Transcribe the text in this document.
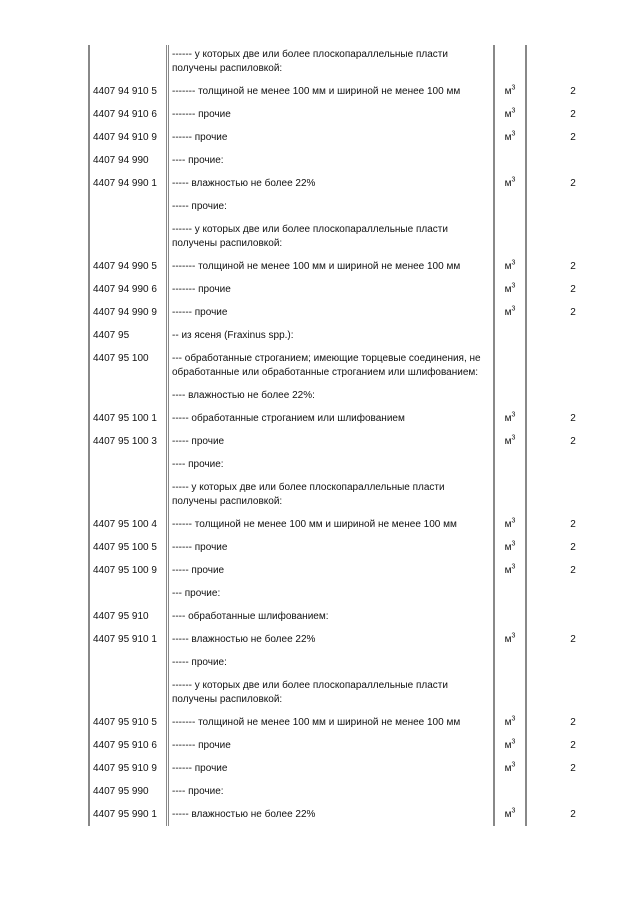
	------ у которых две или более плоскопараллельные пласти получены распиловкой:		
4407 94 910 5	------- толщиной не менее 100 мм и шириной не менее 100 мм	$м^3$	2
4407 94 910 6	------- прочие	$м^3$	2
4407 94 910 9	------ прочие	$м^3$	2
4407 94 990	---- прочие:		
4407 94 990 1	----- влажностью не более 22%	$м^3$	2
	----- прочие:		
	------ у которых две или более плоскопараллельные пласти получены распиловкой:		
4407 94 990 5	------- толщиной не менее 100 мм и шириной не менее 100 мм	$м^3$	2
4407 94 990 6	------- прочие	$м^3$	2
4407 94 990 9	------ прочие	$м^3$	2
4407 95	-- из ясеня (Fraxinus spp.):		
4407 95 100	--- обработанные строганием; имеющие торцевые соединения, не обработанные или обработанные строганием или шлифованием:		
	---- влажностью не более 22%:		
4407 95 100 1	----- обработанные строганием или шлифованием	$м^3$	2
4407 95 100 3	----- прочие	$м^3$	2
	---- прочие:		
	----- у которых две или более плоскопараллельные пласти получены распиловкой:		
4407 95 100 4	------ толщиной не менее 100 мм и шириной не менее 100 мм	$м^3$	2
4407 95 100 5	------ прочие	$м^3$	2
4407 95 100 9	----- прочие	$м^3$	2
	--- прочие:		
4407 95 910	---- обработанные шлифованием:		
4407 95 910 1	----- влажностью не более 22%	$м^3$	2
	----- прочие:		
	------ у которых две или более плоскопараллельные пласти получены распиловкой:		
4407 95 910 5	------- толщиной не менее 100 мм и шириной не менее 100 мм	$м^3$	2
4407 95 910 6	------- прочие	$м^3$	2
4407 95 910 9	------ прочие	$м^3$	2
4407 95 990	---- прочие:		
4407 95 990 1	----- влажностью не более 22%	$м^3$	2
